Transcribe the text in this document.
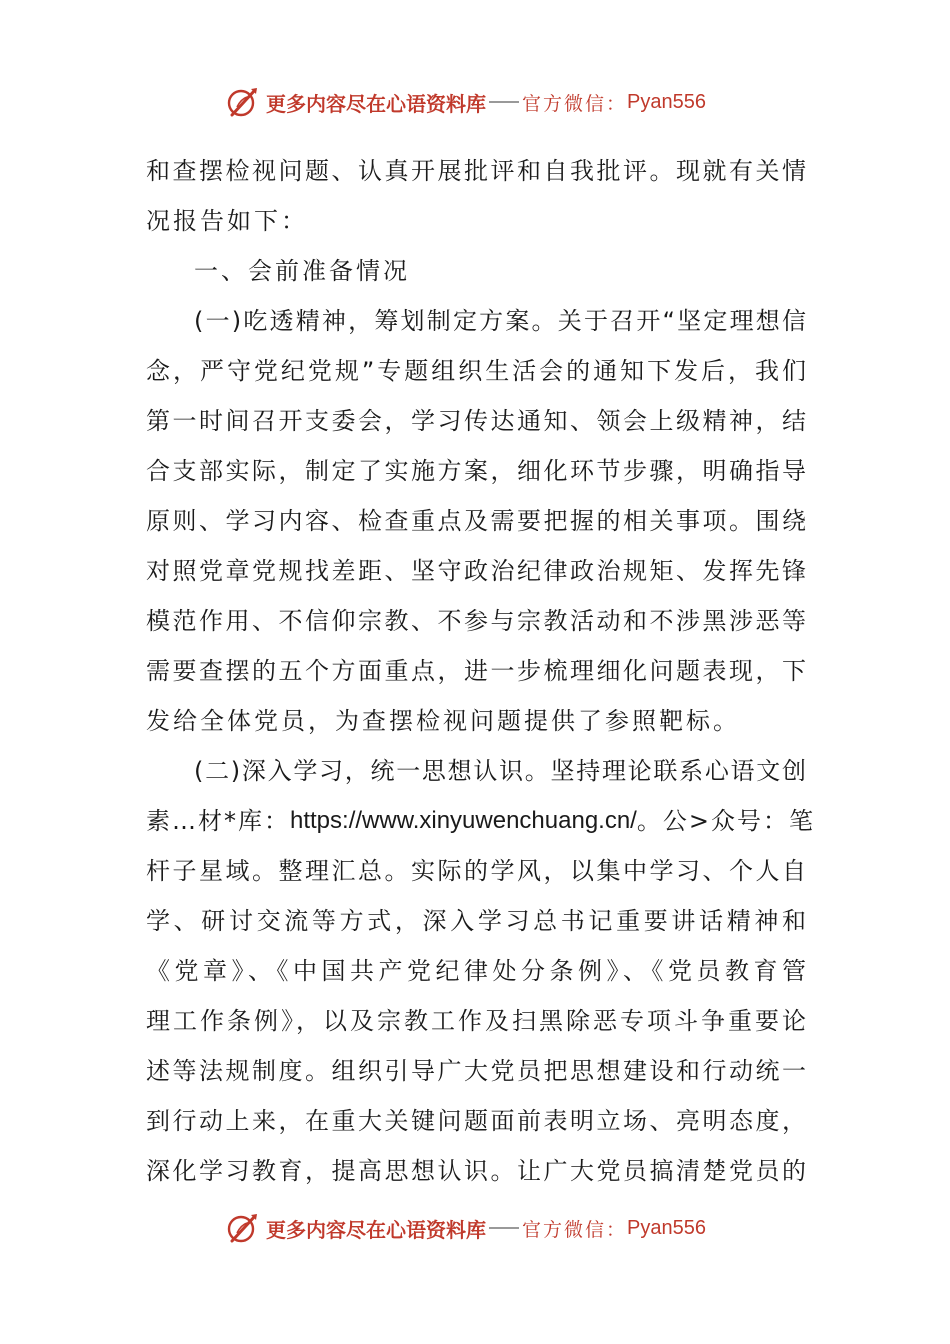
更多内容尽在心语资料库 官方微信： Pyan556
和查摆检视问题、认真开展批评和自我批评。现就有关情
况报告如下：
一、会前准备情况
(一)吃透精神，筹划制定方案。关于召开“坚定理想信
念，严守党纪党规”专题组织生活会的通知下发后，我们
第一时间召开支委会，学习传达通知、领会上级精神，结
合支部实际，制定了实施方案，细化环节步骤，明确指导
原则、学习内容、检查重点及需要把握的相关事项。围绕
对照党章党规找差距、坚守政治纪律政治规矩、发挥先锋
模范作用、不信仰宗教、不参与宗教活动和不涉黑涉恶等
需要查摆的五个方面重点，进一步梳理细化问题表现，下
发给全体党员，为查摆检视问题提供了参照靶标。
(二)深入学习，统一思想认识。坚持理论联系心语文创
素…材*库： https://www.xinyuwenchuang.cn/ 。公>众号：笔
杆子星域。整理汇总。实际的学风，以集中学习、个人自
学、研讨交流等方式，深入学习总书记重要讲话精神和
《党章》、《中国共产党纪律处分条例》、《党员教育管
理工作条例》，以及宗教工作及扫黑除恶专项斗争重要论
述等法规制度。组织引导广大党员把思想建设和行动统一
到行动上来，在重大关键问题面前表明立场、亮明态度，
深化学习教育，提高思想认识。让广大党员搞清楚党员的
更多内容尽在心语资料库 官方微信： Pyan556
